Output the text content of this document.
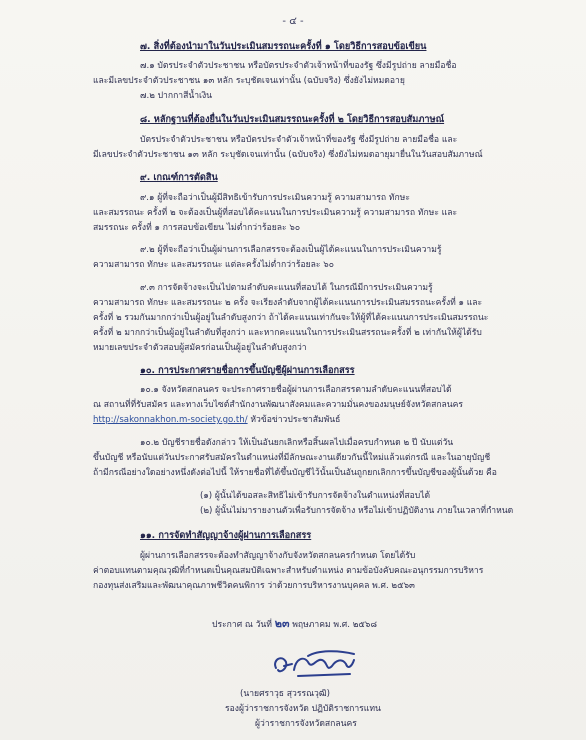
- ๔ -
๗. สิ่งที่ต้องนำมาในวันประเมินสมรรถนะครั้งที่ ๑ โดยวิธีการสอบข้อเขียน
๗.๑ บัตรประจำตัวประชาชน หรือบัตรประจำตัวเจ้าหน้าที่ของรัฐ ซึ่งมีรูปถ่าย ลายมือชื่อ
และมีเลขประจำตัวประชาชน ๑๓ หลัก ระบุชัดเจนเท่านั้น (ฉบับจริง) ซึ่งยังไม่หมดอายุ
๗.๒ ปากกาสีน้ำเงิน
๘. หลักฐานที่ต้องยื่นในวันประเมินสมรรถนะครั้งที่ ๒ โดยวิธีการสอบสัมภาษณ์
บัตรประจำตัวประชาชน หรือบัตรประจำตัวเจ้าหน้าที่ของรัฐ ซึ่งมีรูปถ่าย ลายมือชื่อ และ
มีเลขประจำตัวประชาชน ๑๓ หลัก ระบุชัดเจนเท่านั้น (ฉบับจริง) ซึ่งยังไม่หมดอายุมายื่นในวันสอบสัมภาษณ์
๙. เกณฑ์การตัดสิน
๙.๑ ผู้ที่จะถือว่าเป็นผู้มีสิทธิเข้ารับการประเมินความรู้ ความสามารถ ทักษะ
และสมรรถนะ ครั้งที่ ๒ จะต้องเป็นผู้ที่สอบได้คะแนนในการประเมินความรู้ ความสามารถ ทักษะ และ
สมรรถนะ ครั้งที่ ๑ การสอบข้อเขียน ไม่ต่ำกว่าร้อยละ ๖๐
๙.๒ ผู้ที่จะถือว่าเป็นผู้ผ่านการเลือกสรรจะต้องเป็นผู้ได้คะแนนในการประเมินความรู้
ความสามารถ ทักษะ และสมรรถนะ แต่ละครั้งไม่ต่ำกว่าร้อยละ ๖๐
๙.๓ การจัดจ้างจะเป็นไปตามลำดับคะแนนที่สอบได้ ในกรณีมีการประเมินความรู้
ความสามารถ ทักษะ และสมรรถนะ ๒ ครั้ง จะเรียงลำดับจากผู้ได้คะแนนการประเมินสมรรถนะครั้งที่ ๑ และ
ครั้งที่ ๒ รวมกันมากกว่าเป็นผู้อยู่ในลำดับสูงกว่า ถ้าได้คะแนนเท่ากันจะให้ผู้ที่ได้คะแนนการประเมินสมรรถนะ
ครั้งที่ ๒ มากกว่าเป็นผู้อยู่ในลำดับที่สูงกว่า และหากคะแนนในการประเมินสรรถนะครั้งที่ ๒ เท่ากันให้ผู้ได้รับ
หมายเลขประจำตัวสอบผู้สมัครก่อนเป็นผู้อยู่ในลำดับสูงกว่า
๑๐. การประกาศรายชื่อการขึ้นบัญชีผู้ผ่านการเลือกสรร
๑๐.๑ จังหวัดสกลนคร จะประกาศรายชื่อผู้ผ่านการเลือกสรรตามลำดับคะแนนที่สอบได้
ณ สถานที่ที่รับสมัคร และทางเว็บไซต์สำนักงานพัฒนาสังคมและความมั่นคงของมนุษย์จังหวัดสกลนคร
http://sakonnakhon.m-society.go.th/ หัวข้อข่าวประชาสัมพันธ์
๑๐.๒ บัญชีรายชื่อดังกล่าว ให้เป็นอันยกเลิกหรือสิ้นผลไปเมื่อครบกำหนด ๒ ปี นับแต่วัน
ขึ้นบัญชี หรือนับแต่วันประกาศรับสมัครในตำแหน่งที่มีลักษณะงานเดียวกันนี้ใหม่แล้วแต่กรณี และในอายุบัญชี
ถ้ามีกรณีอย่างใดอย่างหนึ่งดังต่อไปนี้ ให้รายชื่อที่ได้ขึ้นบัญชีไว้นั้นเป็นอันถูกยกเลิกการขึ้นบัญชีของผู้นั้นด้วย คือ
(๑) ผู้นั้นได้ขอสละสิทธิไม่เข้ารับการจัดจ้างในตำแหน่งที่สอบได้
(๒) ผู้นั้นไม่มารายงานตัวเพื่อรับการจัดจ้าง หรือไม่เข้าปฏิบัติงาน ภายในเวลาที่กำหนด
๑๑. การจัดทำสัญญาจ้างผู้ผ่านการเลือกสรร
ผู้ผ่านการเลือกสรรจะต้องทำสัญญาจ้างกับจังหวัดสกลนครกำหนด โดยได้รับ
ค่าตอบแทนตามคุณวุฒิที่กำหนดเป็นคุณสมบัติเฉพาะสำหรับตำแหน่ง ตามข้อบังคับคณะอนุกรรมการบริหาร
กองทุนส่งเสริมและพัฒนาคุณภาพชีวิตคนพิการ ว่าด้วยการบริหารงานบุคคล พ.ศ. ๒๕๖๓
ประกาศ ณ วันที่ ๒๓ พฤษภาคม พ.ศ. ๒๕๖๘
(นายศราวุธ สุวรรณวุฒิ)
รองผู้ว่าราชการจังหวัด ปฏิบัติราชการแทน
ผู้ว่าราชการจังหวัดสกลนคร
